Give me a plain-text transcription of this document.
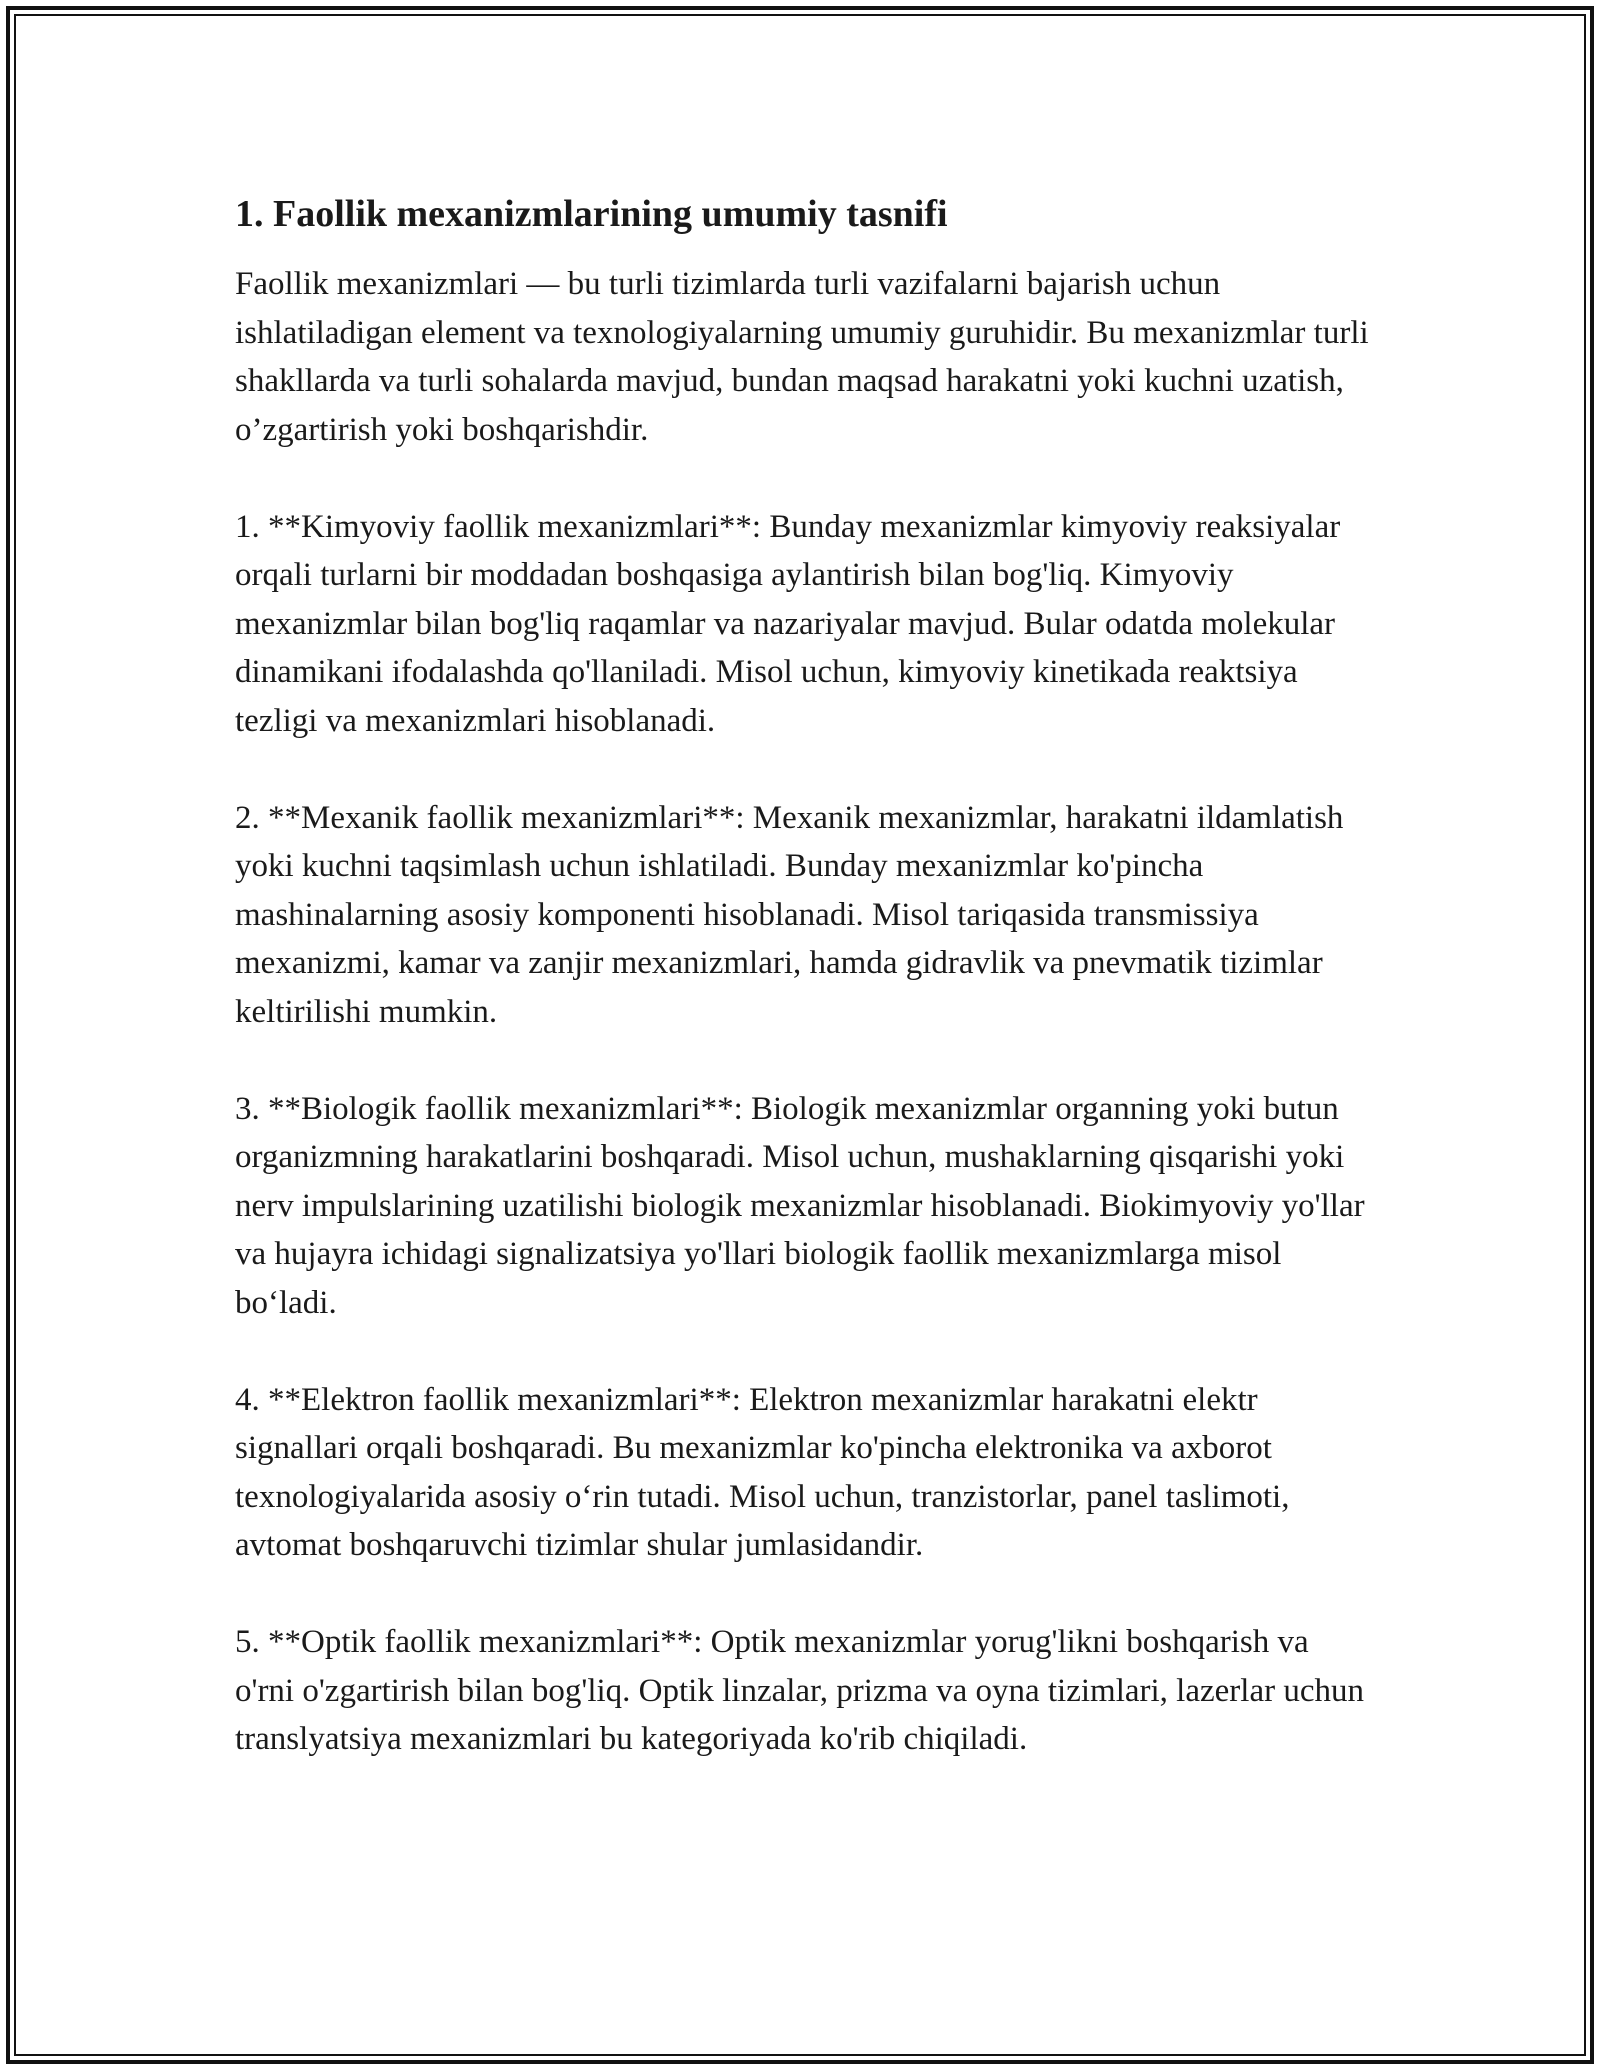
1. Faollik mexanizmlarining umumiy tasnifi

Faollik mexanizmlari — bu turli tizimlarda turli vazifalarni bajarish uchun ishlatiladigan element va texnologiyalarning umumiy guruhidir. Bu mexanizmlar turli shakllarda va turli sohalarda mavjud, bundan maqsad harakatni yoki kuchni uzatish, o’zgartirish yoki boshqarishdir.

1. **Kimyoviy faollik mexanizmlari**: Bunday mexanizmlar kimyoviy reaksiyalar orqali turlarni bir moddadan boshqasiga aylantirish bilan bog'liq. Kimyoviy mexanizmlar bilan bog'liq raqamlar va nazariyalar mavjud. Bular odatda molekular dinamikani ifodalashda qo'llaniladi. Misol uchun, kimyoviy kinetikada reaktsiya tezligi va mexanizmlari hisoblanadi.

2. **Mexanik faollik mexanizmlari**: Mexanik mexanizmlar, harakatni ildamlatish yoki kuchni taqsimlash uchun ishlatiladi. Bunday mexanizmlar ko'pincha mashinalarning asosiy komponenti hisoblanadi. Misol tariqasida transmissiya mexanizmi, kamar va zanjir mexanizmlari, hamda gidravlik va pnevmatik tizimlar keltirilishi mumkin.

3. **Biologik faollik mexanizmlari**: Biologik mexanizmlar organning yoki butun organizmning harakatlarini boshqaradi. Misol uchun, mushaklarning qisqarishi yoki nerv impulslarining uzatilishi biologik mexanizmlar hisoblanadi. Biokimyoviy yo'llar va hujayra ichidagi signalizatsiya yo'llari biologik faollik mexanizmlarga misol bo‘ladi.

4. **Elektron faollik mexanizmlari**: Elektron mexanizmlar harakatni elektr signallari orqali boshqaradi. Bu mexanizmlar ko'pincha elektronika va axborot texnologiyalarida asosiy o‘rin tutadi. Misol uchun, tranzistorlar, panel taslimoti, avtomat boshqaruvchi tizimlar shular jumlasidandir.

5. **Optik faollik mexanizmlari**: Optik mexanizmlar yorug'likni boshqarish va o'rni o'zgartirish bilan bog'liq. Optik linzalar, prizma va oyna tizimlari, lazerlar uchun translyatsiya mexanizmlari bu kategoriyada ko'rib chiqiladi.
